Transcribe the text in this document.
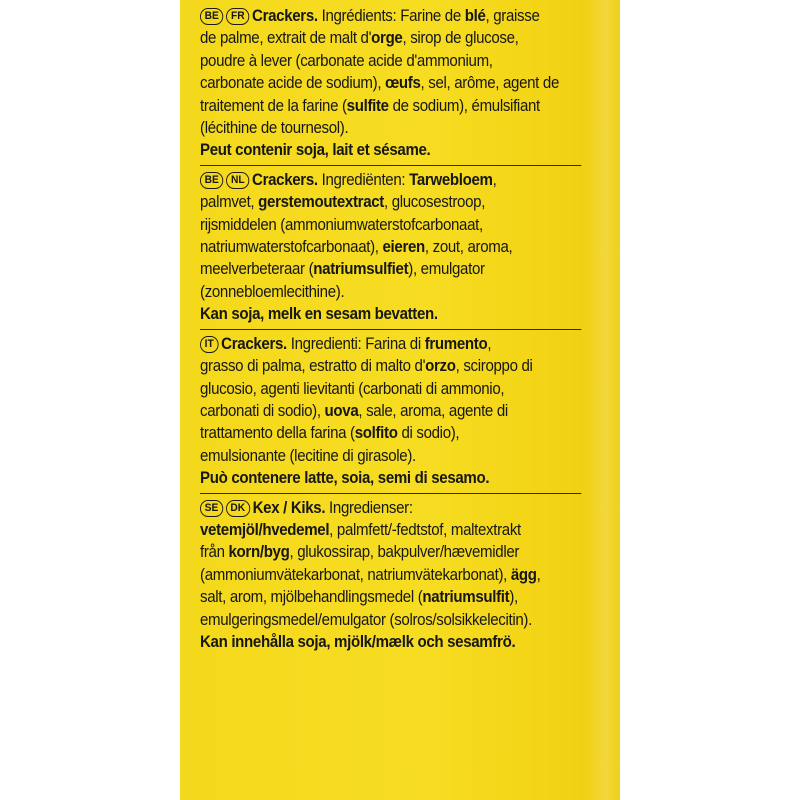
BE FR Crackers. Ingrédients: Farine de blé, graisse
de palme, extrait de malt d'orge, sirop de glucose,
poudre à lever (carbonate acide d'ammonium,
carbonate acide de sodium), œufs, sel, arôme, agent de
traitement de la farine (sulfite de sodium), émulsifiant
(lécithine de tournesol).
Peut contenir soja, lait et sésame.
BE NL Crackers. Ingrediënten: Tarwebloem,
palmvet, gerstemoutextract, glucosestroop,
rijsmiddelen (ammoniumwaterstofcarbonaat,
natriumwaterstofcarbonaat), eieren, zout, aroma,
meelverbeteraar (natriumsulfiet), emulgator
(zonnebloemlecithine).
Kan soja, melk en sesam bevatten.
IT Crackers. Ingredienti: Farina di frumento,
grasso di palma, estratto di malto d'orzo, sciroppo di
glucosio, agenti lievitanti (carbonati di ammonio,
carbonati di sodio), uova, sale, aroma, agente di
trattamento della farina (solfito di sodio),
emulsionante (lecitine di girasole).
Può contenere latte, soia, semi di sesamo.
SE DK Kex / Kiks. Ingredienser:
vetemjöl/hvedemel, palmfett/-fedtstof, maltextrakt
från korn/byg, glukossirap, bakpulver/hævemidler
(ammoniumvätekarbonat, natriumvätekarbonat), ägg,
salt, arom, mjölbehandlingsmedel (natriumsulfit),
emulgeringsmedel/emulgator (solros/solsikkelecitin).
Kan innehålla soja, mjölk/mælk och sesamfrö.
